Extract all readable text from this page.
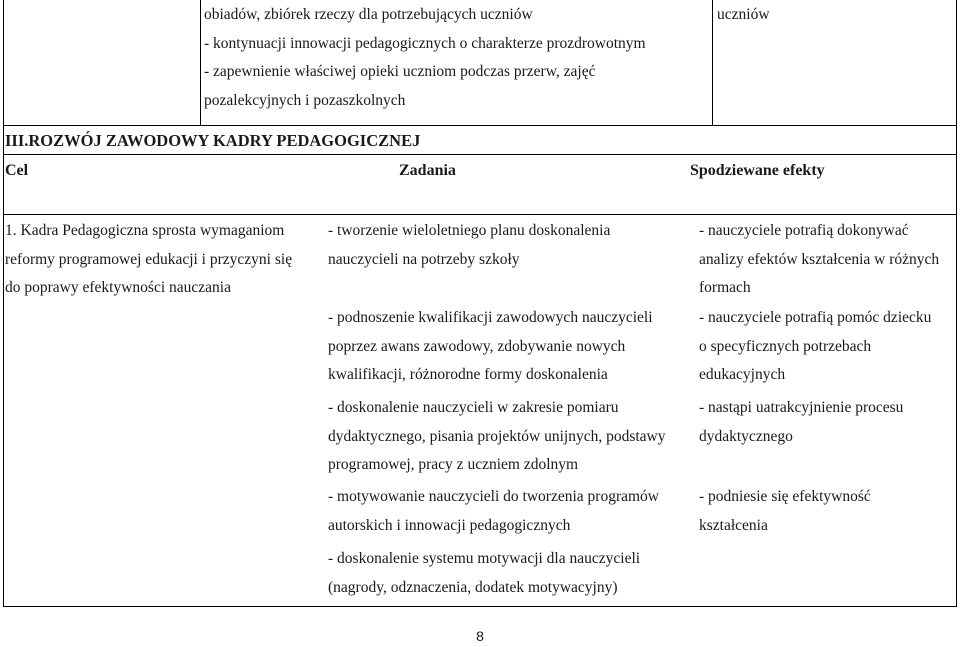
obiadów, zbiórek rzeczy dla potrzebujących uczniów
- kontynuacji innowacji pedagogicznych o charakterze prozdrowotnym
- zapewnienie właściwej opieki uczniom podczas przerw, zajęć
pozalekcyjnych i pozaszkolnych
uczniów
III.ROZWÓJ ZAWODOWY KADRY PEDAGOGICZNEJ
Cel	Zadania	Spodziewane efekty
1. Kadra Pedagogiczna sprosta wymaganiom
reformy programowej edukacji i przyczyni się
do poprawy efektywności nauczania
- tworzenie wieloletniego planu doskonalenia
nauczycieli na potrzeby szkoły
- podnoszenie kwalifikacji zawodowych nauczycieli
poprzez awans zawodowy, zdobywanie nowych
kwalifikacji, różnorodne formy doskonalenia
- doskonalenie nauczycieli w zakresie pomiaru
dydaktycznego, pisania projektów unijnych, podstawy
programowej, pracy z uczniem zdolnym
- motywowanie nauczycieli do tworzenia programów
autorskich i innowacji pedagogicznych
- doskonalenie systemu motywacji dla nauczycieli
(nagrody, odznaczenia, dodatek motywacyjny)
- nauczyciele potrafią dokonywać
analizy efektów kształcenia w różnych
formach
- nauczyciele potrafią pomóc dziecku
o specyficznych potrzebach
edukacyjnych
- nastąpi uatrakcyjnienie procesu
dydaktycznego
- podniesie się efektywność
kształcenia
8
